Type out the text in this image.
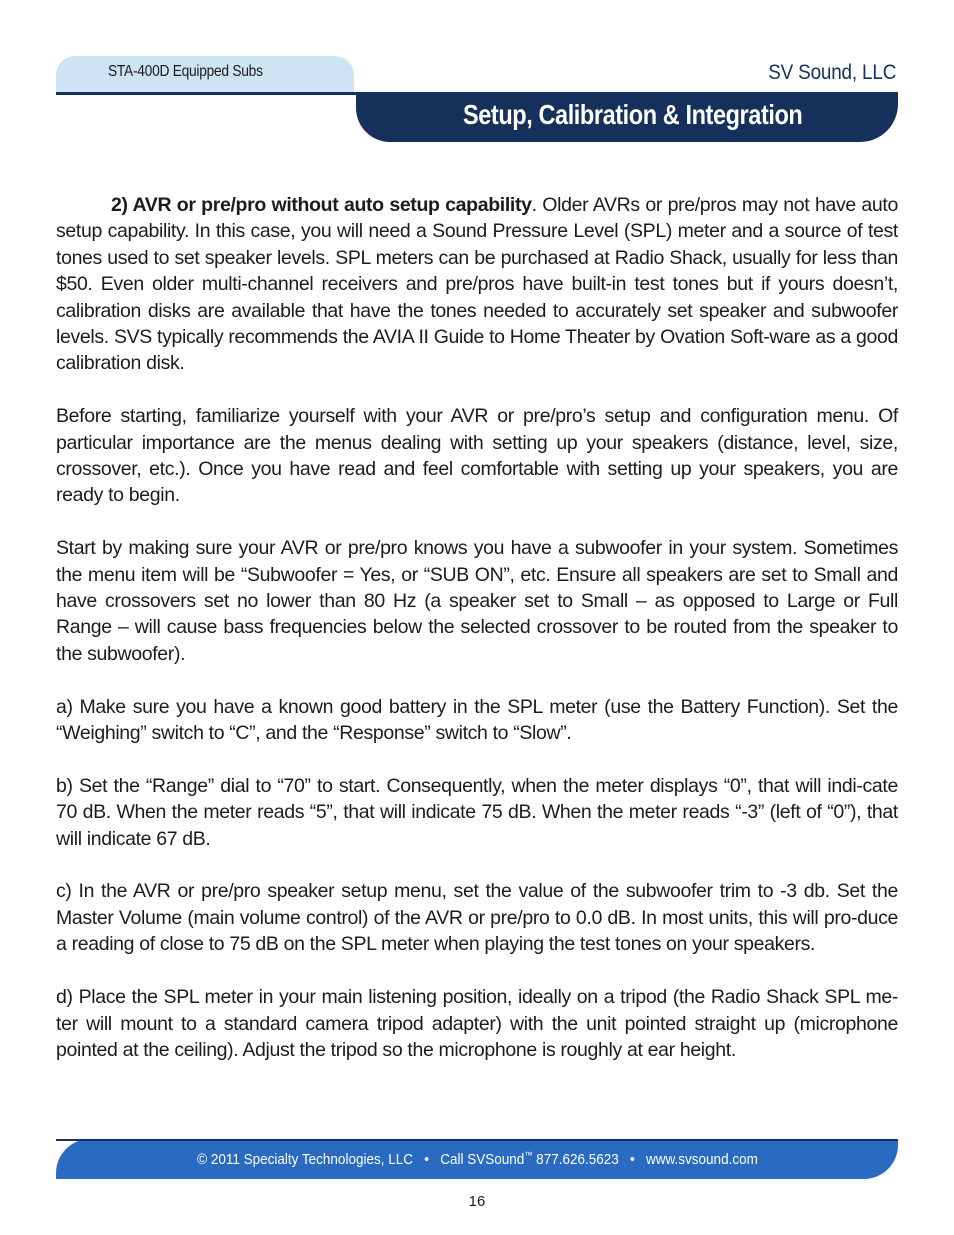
STA-400D Equipped Subs	SV Sound, LLC
Setup, Calibration & Integration

2) AVR or pre/pro without auto setup capability. Older AVRs or pre/pros may not have auto setup capability. In this case, you will need a Sound Pressure Level (SPL) meter and a source of test tones used to set speaker levels. SPL meters can be purchased at Radio Shack, usually for less than $50. Even older multi-channel receivers and pre/pros have built-in test tones but if yours doesn’t, calibration disks are available that have the tones needed to accurately set speaker and subwoofer levels. SVS typically recommends the AVIA II Guide to Home Theater by Ovation Soft-ware as a good calibration disk.

Before starting, familiarize yourself with your AVR or pre/pro’s setup and configuration menu. Of particular importance are the menus dealing with setting up your speakers (distance, level, size, crossover, etc.). Once you have read and feel comfortable with setting up your speakers, you are ready to begin.

Start by making sure your AVR or pre/pro knows you have a subwoofer in your system. Sometimes the menu item will be “Subwoofer = Yes, or “SUB ON”, etc. Ensure all speakers are set to Small and have crossovers set no lower than 80 Hz (a speaker set to Small – as opposed to Large or Full Range – will cause bass frequencies below the selected crossover to be routed from the speaker to the subwoofer).

a) Make sure you have a known good battery in the SPL meter (use the Battery Function). Set the “Weighing” switch to “C”, and the “Response” switch to “Slow”.

b) Set the “Range” dial to “70” to start. Consequently, when the meter displays “0”, that will indi-cate 70 dB. When the meter reads “5”, that will indicate 75 dB. When the meter reads “-3” (left of “0”), that will indicate 67 dB.

c) In the AVR or pre/pro speaker setup menu, set the value of the subwoofer trim to -3 db. Set the Master Volume (main volume control) of the AVR or pre/pro to 0.0 dB. In most units, this will pro-duce a reading of close to 75 dB on the SPL meter when playing the test tones on your speakers.

d) Place the SPL meter in your main listening position, ideally on a tripod (the Radio Shack SPL me-ter will mount to a standard camera tripod adapter) with the unit pointed straight up (microphone pointed at the ceiling). Adjust the tripod so the microphone is roughly at ear height.

© 2011 Specialty Technologies, LLC • Call SVSound™ 877.626.5623 • www.svsound.com
16
